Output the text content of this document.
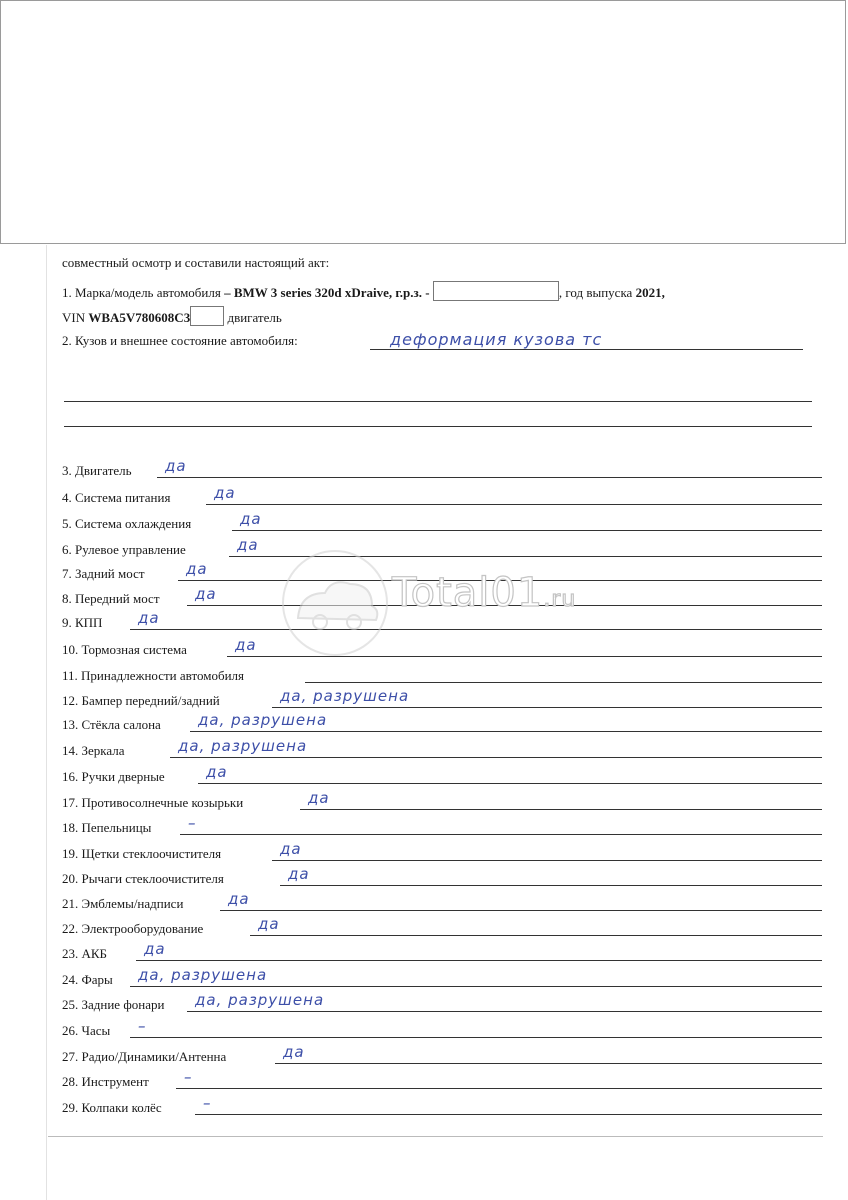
совместный осмотр и составили настоящий акт:
1. Марка/модель автомобиля – BMW 3 series 320d xDraive, г.р.з. -	, год выпуска 2021,
VIN WBA5V780608C3	двигатель
2. Кузов и внешнее состояние автомобиля:	деформация кузова тс
3. Двигатель да
4. Система питания	да
5. Система охлаждения	да
6. Рулевое управление	да
7. Задний мост	да
8. Передний мост да
9. КПП да
10. Тормозная система	да
11. Принадлежности автомобиля
12. Бампер передний/задний	да, разрушена
13. Стёкла салона да, разрушена
14. Зеркала	да, разрушена
16. Ручки дверные	да
17. Противосолнечные козырьки	да
18. Пепельницы –
19. Щетки стеклоочистителя	да
20. Рычаги стеклоочистителя	да
21. Эмблемы/надписи	да
22. Электрооборудование	да
23. АКБ да
24. Фары да, разрушена
25. Задние фонари да, разрушена
26. Часы –
27. Радио/Динамики/Антенна	да
28. Инструмент –
29. Колпаки колёс	–
Total01.ru
